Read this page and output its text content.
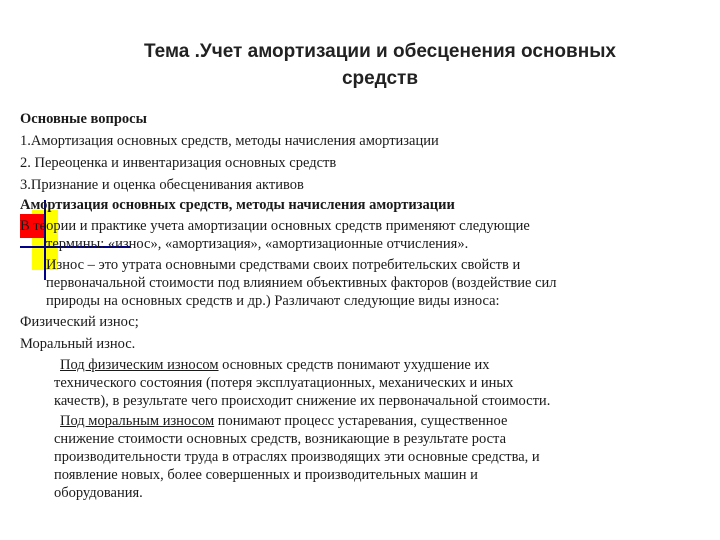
Тема .Учет амортизации и обесценения основных
средств
Основные вопросы
1.Амортизация основных средств, методы начисления амортизации
2. Переоценка и инвентаризация основных средств
3.Признание и оценка обесценивания активов
Амортизация основных средств, методы начисления амортизации
В теории и практике учета амортизации основных средств применяют следующие
термины: «износ», «амортизация», «амортизационные отчисления».
Износ – это утрата основными средствами своих потребительских свойств и
первоначальной стоимости под влиянием объективных факторов (воздействие сил
природы на основных средств и др.) Различают следующие виды износа:
Физический износ;
Моральный износ.
Под физическим износом основных средств понимают ухудшение их
технического состояния (потеря эксплуатационных, механических и иных
качеств), в результате чего происходит снижение их первоначальной стоимости.
Под моральным износом понимают процесс устаревания, существенное
снижение стоимости основных средств, возникающие в результате роста
производительности труда в отраслях производящих эти основные средства, и
появление новых, более совершенных и производительных машин и
оборудования.
